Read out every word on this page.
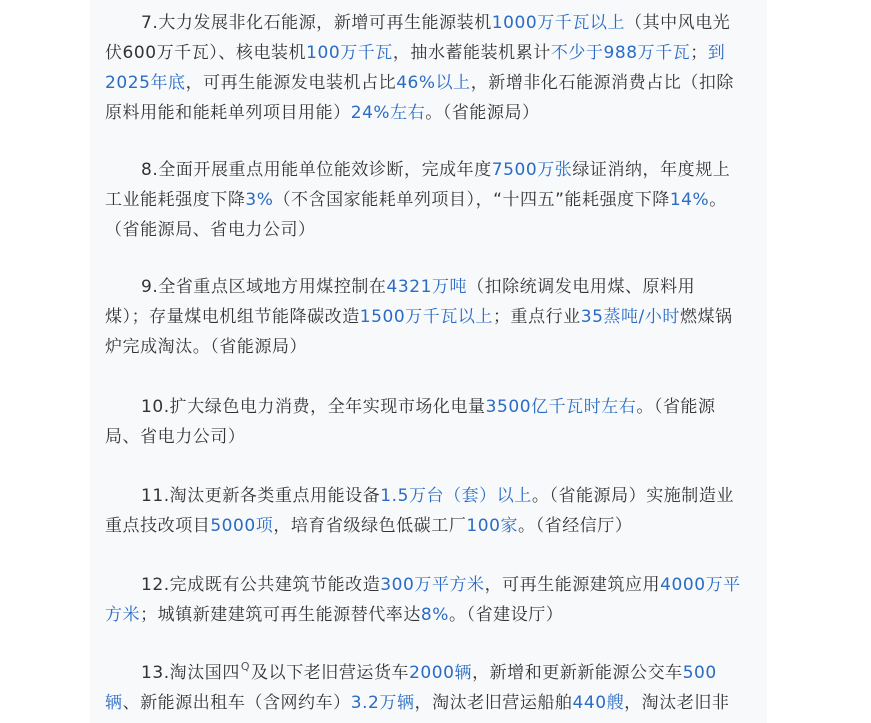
7.大力发展非化石能源，新增可再生能源装机1000万千瓦以上（其中风电光
伏600万千瓦）、核电装机100万千瓦，抽水蓄能装机累计不少于988万千瓦；到
2025年底，可再生能源发电装机占比46%以上，新增非化石能源消费占比（扣除
原料用能和能耗单列项目用能）24%左右。（省能源局）
8.全面开展重点用能单位能效诊断，完成年度7500万张绿证消纳，年度规上
工业能耗强度下降3%（不含国家能耗单列项目），“十四五”能耗强度下降14%。
（省能源局、省电力公司）
9.全省重点区域地方用煤控制在4321万吨（扣除统调发电用煤、原料用
煤）；存量煤电机组节能降碳改造1500万千瓦以上；重点行业35蒸吨/小时燃煤锅
炉完成淘汰。（省能源局）
10.扩大绿色电力消费，全年实现市场化电量3500亿千瓦时左右。（省能源
局、省电力公司）
11.淘汰更新各类重点用能设备1.5万台（套）以上。（省能源局）实施制造业
重点技改项目5000项，培育省级绿色低碳工厂100家。（省经信厅）
12.完成既有公共建筑节能改造300万平方米，可再生能源建筑应用4000万平
方米；城镇新建建筑可再生能源替代率达8%。（省建设厅）
13.淘汰国四$^Q$及以下老旧营运货车2000辆，新增和更新新能源公交车500
辆、新能源出租车（含网约车）3.2万辆，淘汰老旧营运船舶440艘，淘汰老旧非
